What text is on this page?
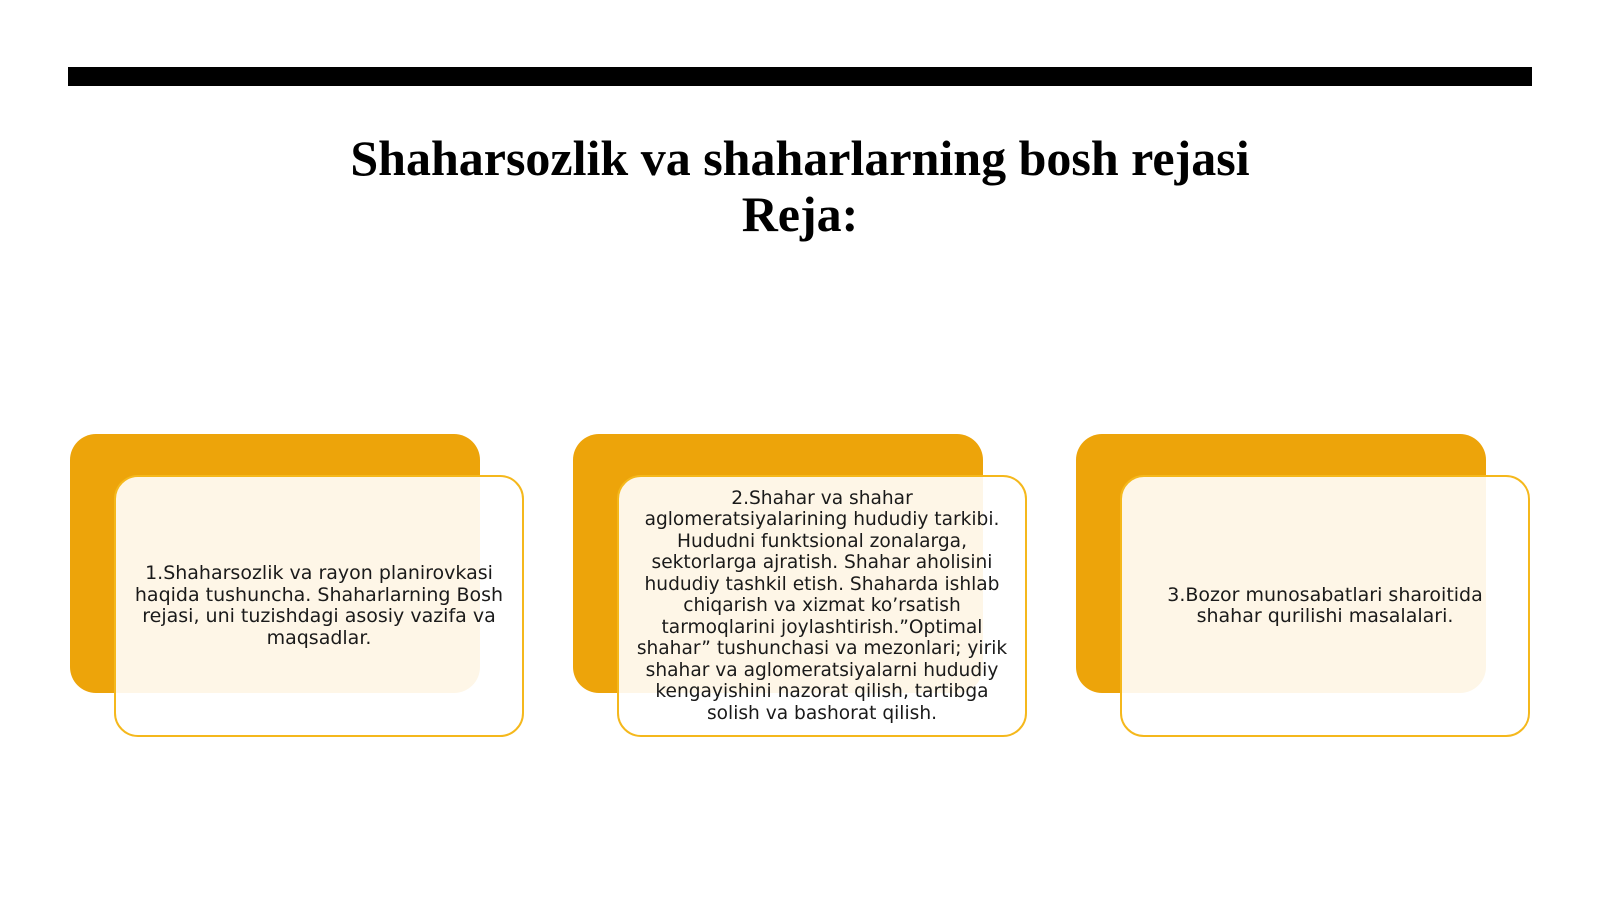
Shaharsozlik va shaharlarning bosh rejasi
Reja:
1.Shaharsozlik va rayon planirovkasi haqida tushuncha. Shaharlarning Bosh rejasi, uni tuzishdagi asosiy vazifa va maqsadlar.
2.Shahar va shahar aglomeratsiyalarining hududiy tarkibi. Hududni funktsional zonalarga, sektorlarga ajratish. Shahar aholisini hududiy tashkil etish. Shaharda ishlab chiqarish va xizmat ko’rsatish tarmoqlarini joylashtirish.”Optimal shahar” tushunchasi va mezonlari; yirik shahar va aglomeratsiyalarni hududiy kengayishini nazorat qilish, tartibga solish va bashorat qilish.
3.Bozor munosabatlari sharoitida shahar qurilishi masalalari.
